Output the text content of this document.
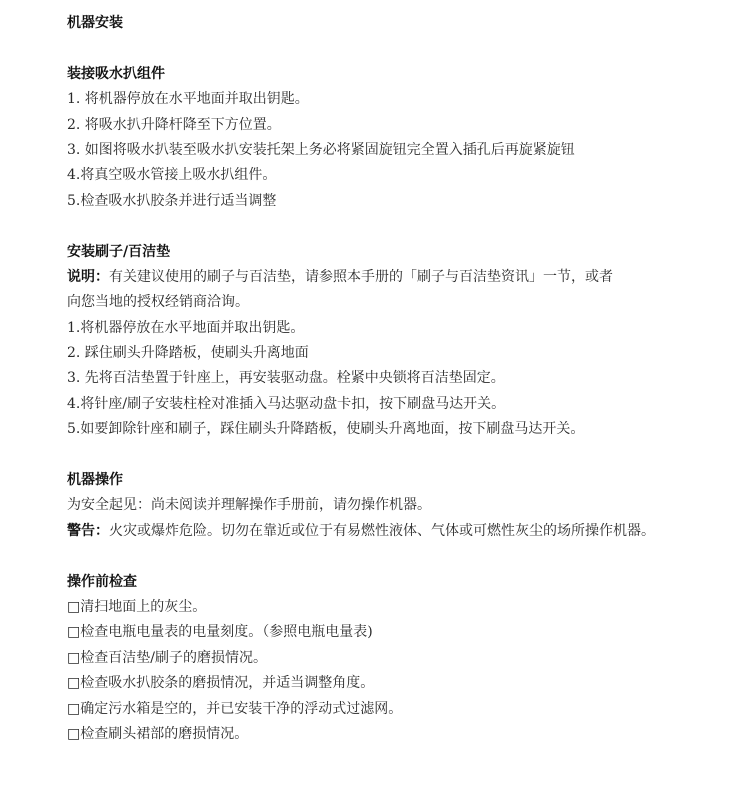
机器安装
装接吸水扒组件
1. 将机器停放在水平地面并取出钥匙。
2. 将吸水扒升降杆降至下方位置。
3. 如图将吸水扒装至吸水扒安装托架上务必将紧固旋钮完全置入插孔后再旋紧旋钮
4.将真空吸水管接上吸水扒组件。
5.检查吸水扒胶条并进行适当调整
安装刷子/百洁垫
说明：有关建议使用的刷子与百洁垫，请参照本手册的「刷子与百洁垫资讯」一节，或者
向您当地的授权经销商洽询。
1.将机器停放在水平地面并取出钥匙。
2. 踩住刷头升降踏板，使刷头升离地面
3. 先将百洁垫置于针座上，再安装驱动盘。栓紧中央锁将百洁垫固定。
4.将针座/刷子安装柱栓对准插入马达驱动盘卡扣，按下刷盘马达开关。
5.如要卸除针座和刷子，踩住刷头升降踏板，使刷头升离地面，按下刷盘马达开关。
机器操作
为安全起见：尚未阅读并理解操作手册前，请勿操作机器。
警告：火灾或爆炸危险。切勿在靠近或位于有易燃性液体、气体或可燃性灰尘的场所操作机器。
操作前检查
□清扫地面上的灰尘。
□检查电瓶电量表的电量刻度。（参照电瓶电量表)
□检查百洁垫/刷子的磨损情况。
□检查吸水扒胶条的磨损情况，并适当调整角度。
□确定污水箱是空的，并已安装干净的浮动式过滤网。
□检查刷头裙部的磨损情况。
